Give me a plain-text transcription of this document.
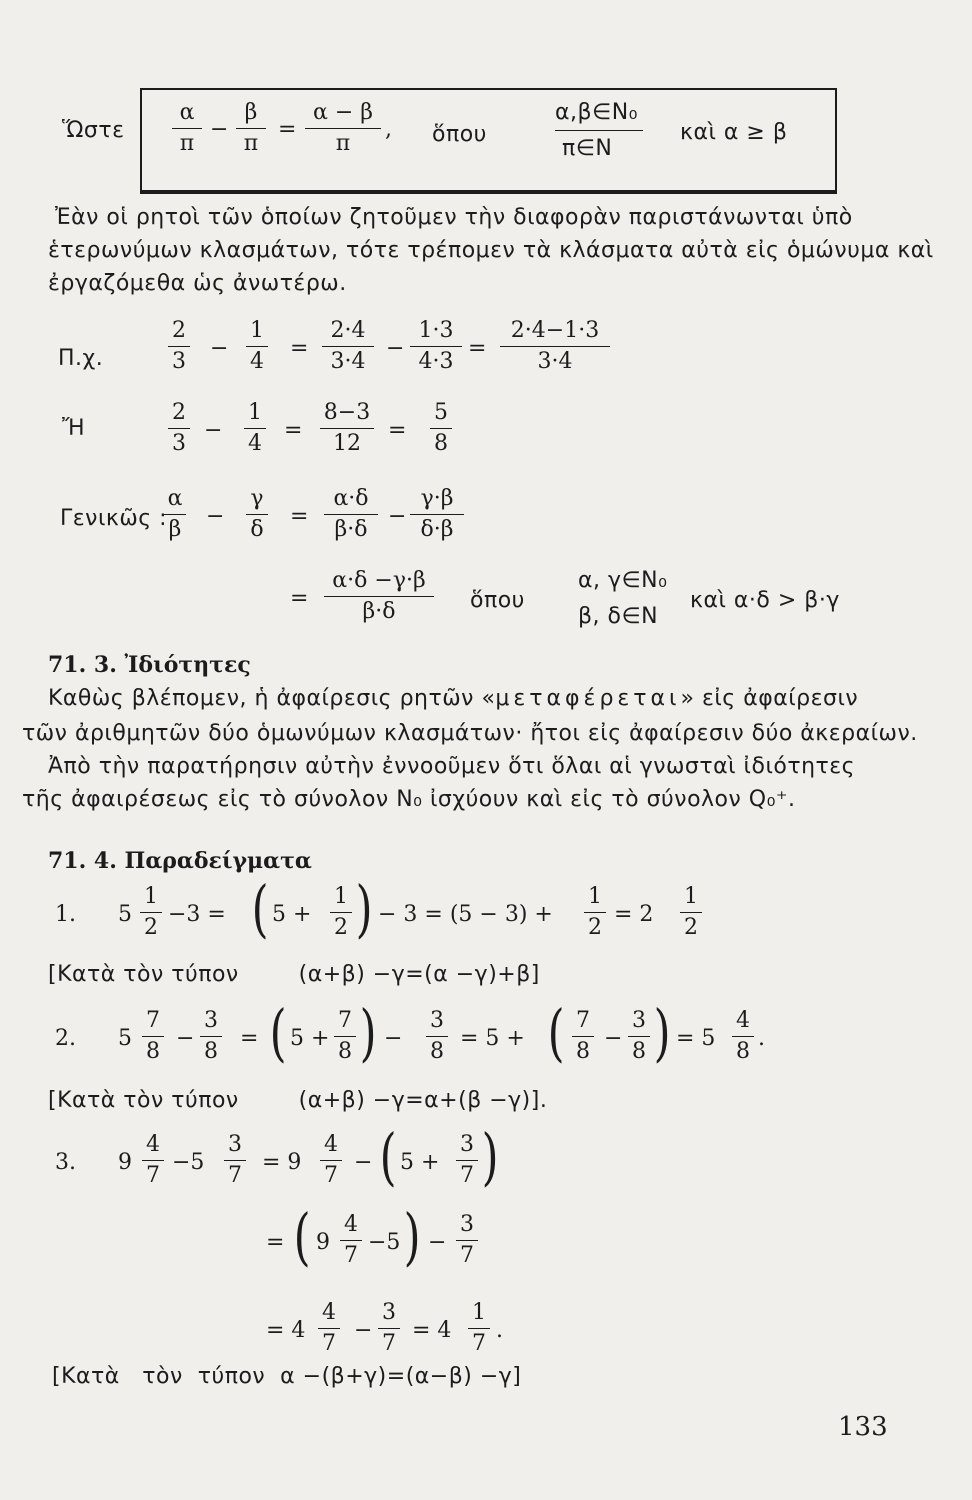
Ὥστε
α
π
−
β
π
=
α − β
π
, ὅπου
α,β∈N₀
π∈N
καὶ α ≥ β
Ἐὰν οἱ ρητοὶ τῶν ὁποίων ζητοῦμεν τὴν διαφορὰν παριστάνωνται ὑπὸ
ἑτερωνύμων κλασμάτων, τότε τρέπομεν τὰ κλάσματα αὐτὰ εἰς ὁμώνυμα καὶ
ἐργαζόμεθα ὡς ἀνωτέρω.
Π.χ.
2
3
−
1
4
=
2·4
3·4
−
1·3
4·3
=
2·4−1·3
3·4
Ἤ
2
3
−
1
4
=
8−3
12
=
5
8
Γενικῶς :
α
β
−
γ
δ
=
α·δ
β·δ
−
γ·β
δ·β
=
α·δ −γ·β
β·δ	ὅπου
α, γ∈N₀
β, δ∈N
καὶ α·δ > β·γ
71. 3. Ἰδιότητες
Καθὼς βλέπομεν, ἡ ἀφαίρεσις ρητῶν «μεταφέρεται» εἰς ἀφαίρεσιν
τῶν ἀριθμητῶν δύο ὁμωνύμων κλασμάτων· ἤτοι εἰς ἀφαίρεσιν δύο ἀκεραίων.
Ἀπὸ τὴν παρατήρησιν αὐτὴν ἐννοοῦμεν ὅτι ὅλαι αἱ γνωσταὶ ἰδιότητες
τῆς ἀφαιρέσεως εἰς τὸ σύνολον N₀ ἰσχύουν καὶ εἰς τὸ σύνολον Q₀⁺.
71. 4. Παραδείγματα
1. 5
1
2
−3 = ( 5 +
1
2 ) − 3 = (5 − 3) +
1
2
= 2
1
2
[Κατὰ τὸν τύπον        (α+β) −γ=(α −γ)+β]
2. 5
7
8
−
3
8
= ( 5 +
7
8 ) −
3
8
= 5 + ( 7
8
−
3
8 ) = 5
4
8
.
[Κατὰ τὸν τύπον        (α+β) −γ=α+(β −γ)].
3. 9
4
7
−5
3
7
= 9
4
7
− ( 5 +
3
7 )
= ( 9
4
7
−5 ) −
3
7
= 4
4
7
−
3
7
= 4
1
7
.
[Κατὰ   τὸν  τύπον  α −(β+γ)=(α−β) −γ]
133
